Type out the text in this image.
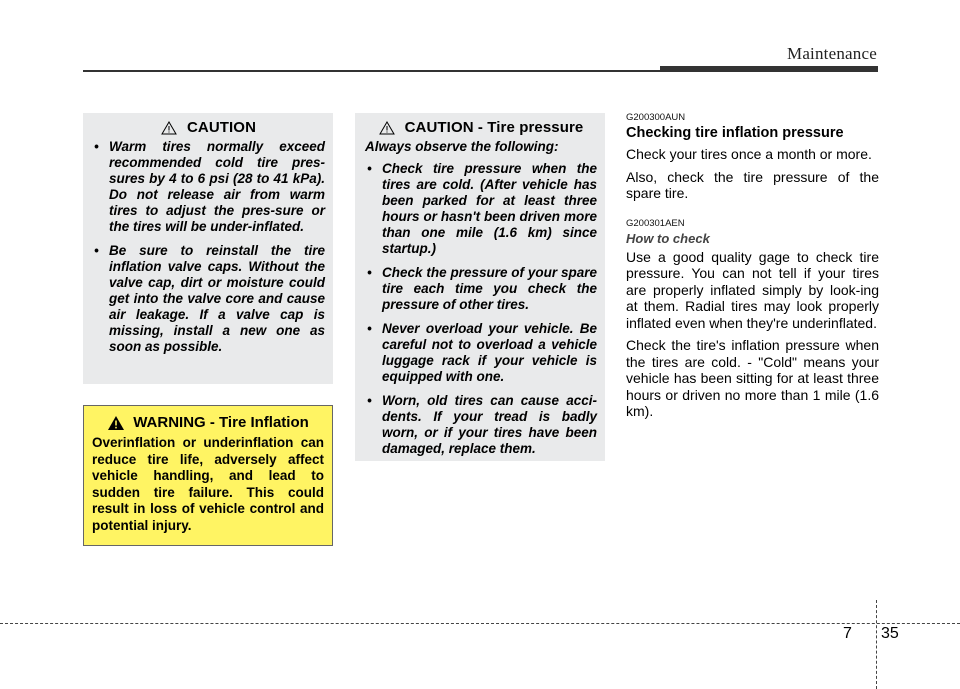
Maintenance
CAUTION
• Warm tires normally exceed recommended cold tire pres-sures by 4 to 6 psi (28 to 41 kPa). Do not release air from warm tires to adjust the pres-sure or the tires will be under-inflated.
• Be sure to reinstall the tire inflation valve caps. Without the valve cap, dirt or moisture could get into the valve core and cause air leakage. If a valve cap is missing, install a new one as soon as possible.
WARNING - Tire Inflation
Overinflation or underinflation can reduce tire life, adversely affect vehicle handling, and lead to sudden tire failure. This could result in loss of vehicle control and potential injury.
CAUTION - Tire pressure
Always observe the following:
• Check tire pressure when the tires are cold. (After vehicle has been parked for at least three hours or hasn't been driven more than one mile (1.6 km) since startup.)
• Check the pressure of your spare tire each time you check the pressure of other tires.
• Never overload your vehicle. Be careful not to overload a vehicle luggage rack if your vehicle is equipped with one.
• Worn, old tires can cause acci-dents. If your tread is badly worn, or if your tires have been damaged, replace them.

G200300AUN

Checking tire inflation pressure

Check your tires once a month or more.

Also, check the tire pressure of the spare tire.

G200301AEN

How to check

Use a good quality gage to check tire pressure. You can not tell if your tires are properly inflated simply by look-ing at them. Radial tires may look properly inflated even when they're underinflated.

Check the tire's inflation pressure when the tires are cold. - "Cold" means your vehicle has been sitting for at least three hours or driven no more than 1 mile (1.6 km).

7 35
